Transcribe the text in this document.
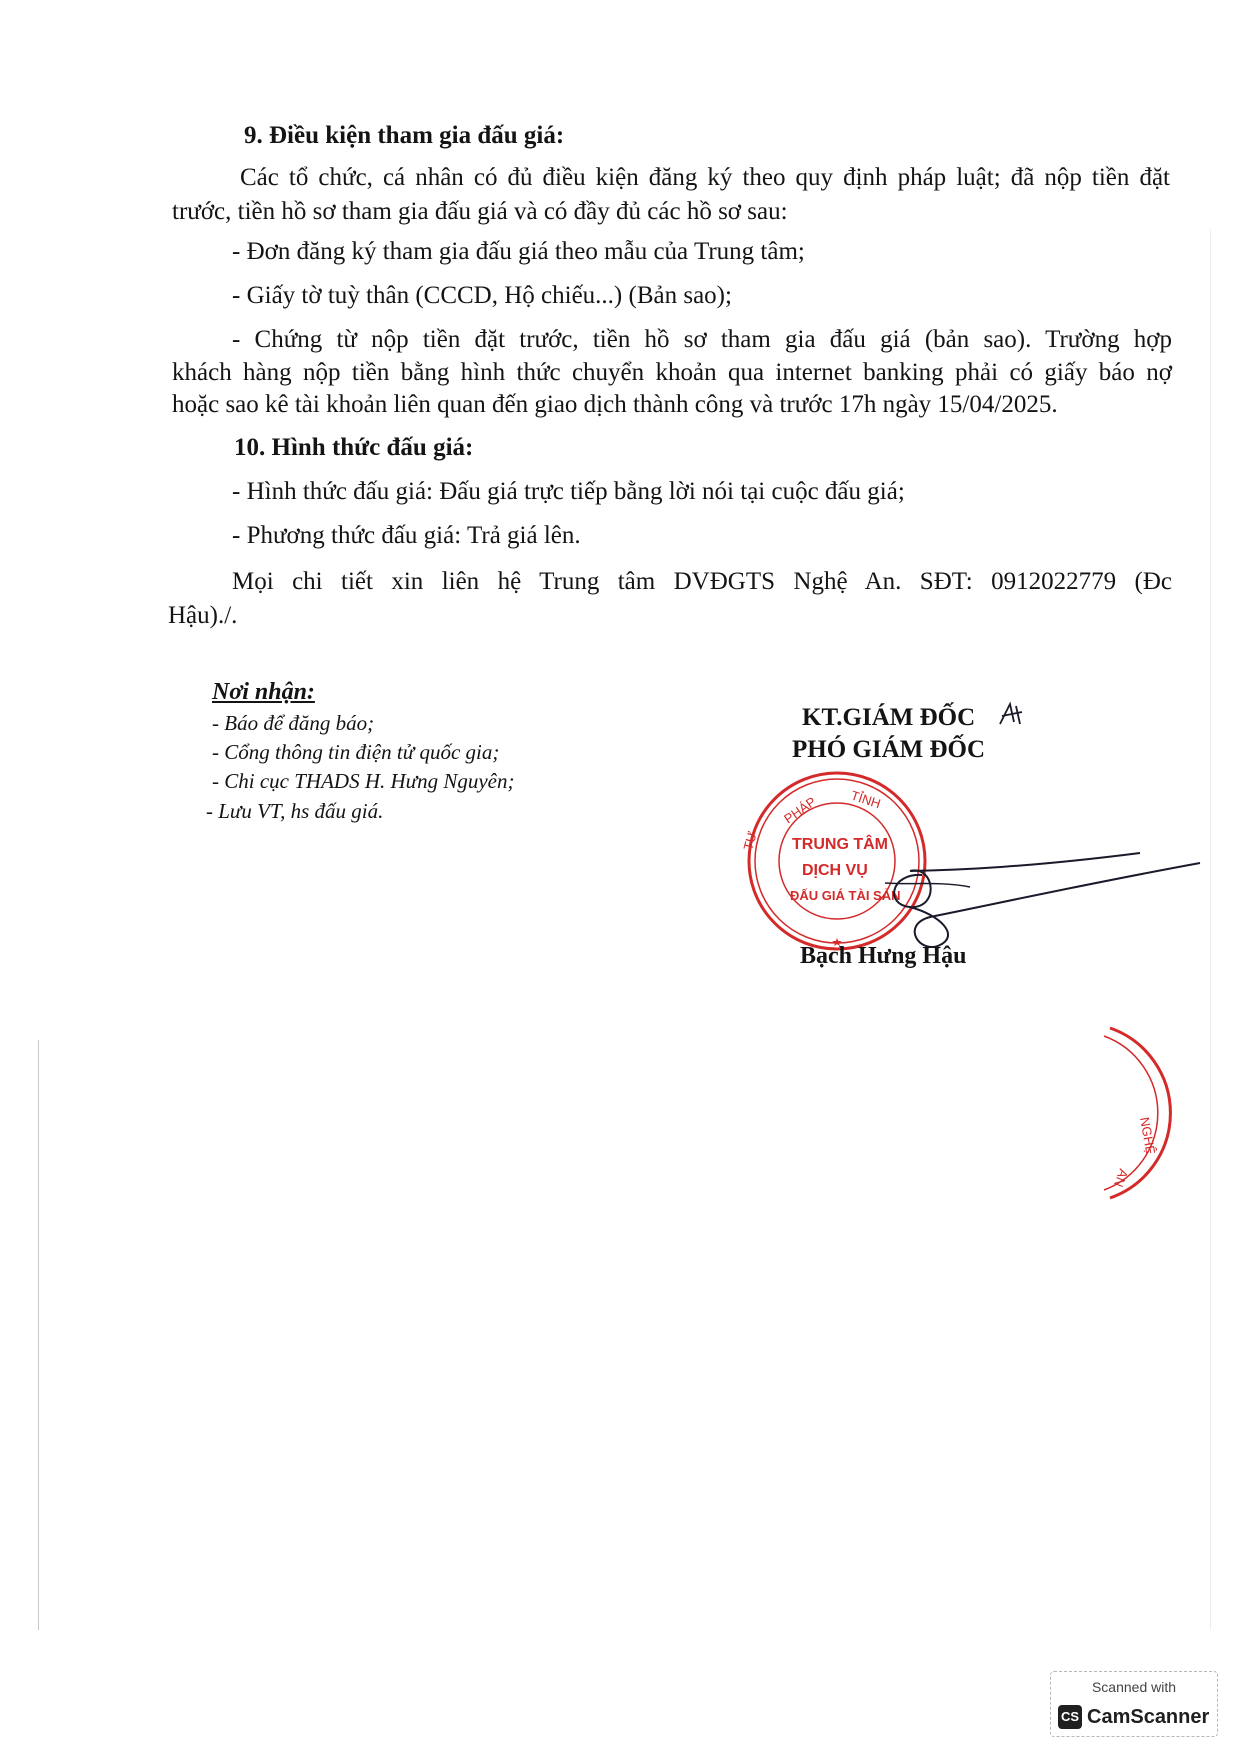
9. Điều kiện tham gia đấu giá:
Các tổ chức, cá nhân có đủ điều kiện đăng ký theo quy định pháp luật; đã nộp tiền đặt
trước, tiền hồ sơ tham gia đấu giá và có đầy đủ các hồ sơ sau:
- Đơn đăng ký tham gia đấu giá theo mẫu của Trung tâm;
- Giấy tờ tuỳ thân (CCCD, Hộ chiếu...) (Bản sao);
- Chứng từ nộp tiền đặt trước, tiền hồ sơ tham gia đấu giá (bản sao). Trường hợp
khách hàng nộp tiền bằng hình thức chuyển khoản qua internet banking phải có giấy báo nợ
hoặc sao kê tài khoản liên quan đến giao dịch thành công và trước 17h ngày 15/04/2025.
10. Hình thức đấu giá:
- Hình thức đấu giá: Đấu giá trực tiếp bằng lời nói tại cuộc đấu giá;
- Phương thức đấu giá: Trả giá lên.
Mọi chi tiết xin liên hệ Trung tâm DVĐGTS Nghệ An. SĐT: 0912022779 (Đc
Hậu)./.
Nơi nhận:
- Báo để đăng báo;
- Cổng thông tin điện tử quốc gia;
- Chi cục THADS H. Hưng Nguyên;
- Lưu VT, hs đấu giá.
KT.GIÁM ĐỐC
PHÓ GIÁM ĐỐC
PHÁP TỈNH
TƯ TRUNG TÂM
DỊCH VỤ
ĐẤU GIÁ TÀI SẢN
Bạch Hưng Hậu
NGHỆ
AN
Scanned with
CS CamScanner
